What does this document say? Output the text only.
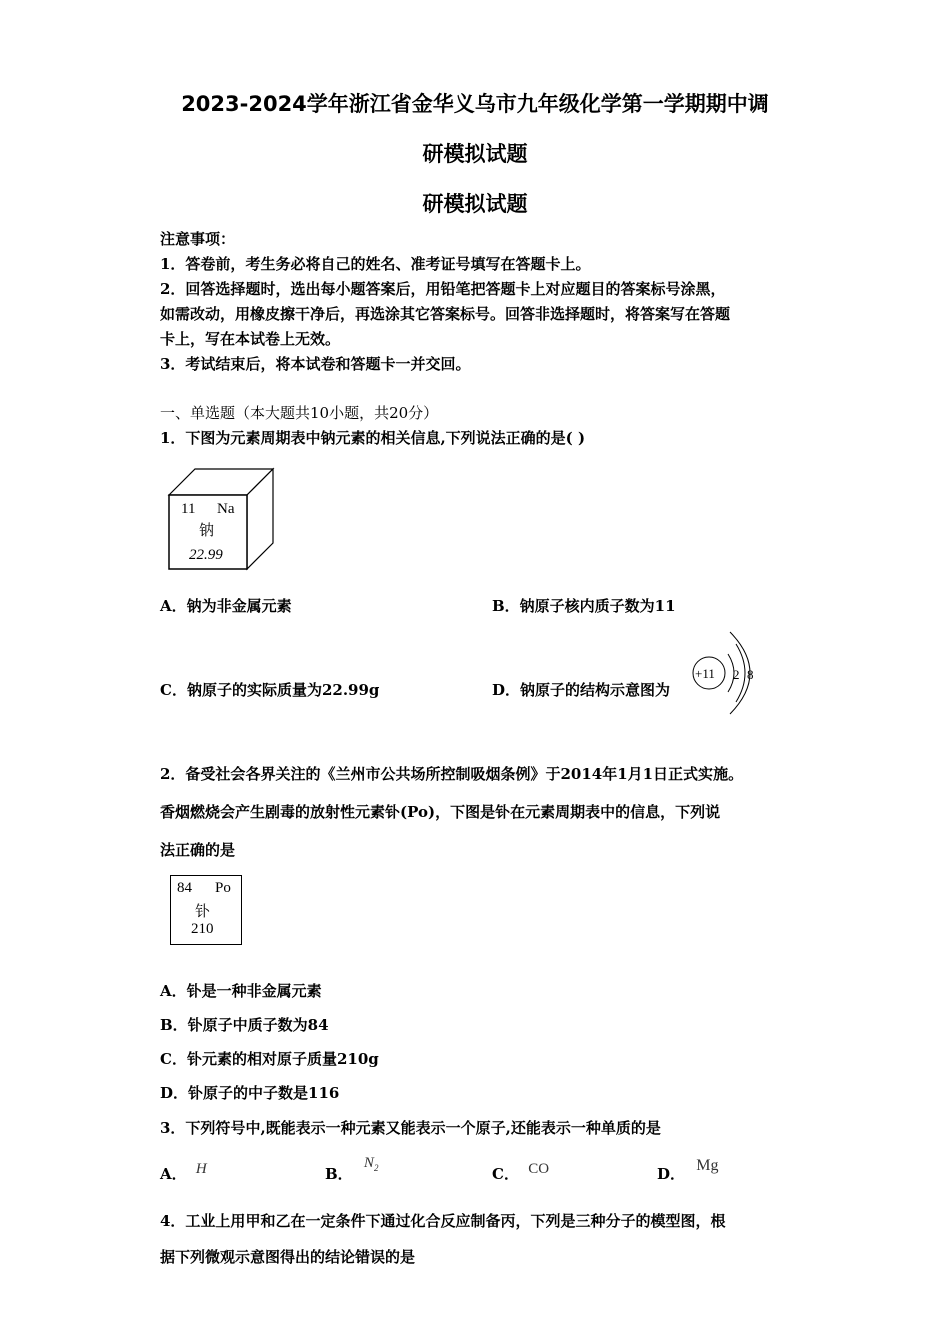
2023-2024学年浙江省金华义乌市九年级化学第一学期期中调
研模拟试题
研模拟试题
注意事项：
1．答卷前，考生务必将自己的姓名、准考证号填写在答题卡上。
2．回答选择题时，选出每小题答案后，用铅笔把答题卡上对应题目的答案标号涂黑，
如需改动，用橡皮擦干净后，再选涂其它答案标号。回答非选择题时，将答案写在答题
卡上，写在本试卷上无效。
3．考试结束后，将本试卷和答题卡一并交回。
一、单选题（本大题共10小题，共20分）
1．下图为元素周期表中钠元素的相关信息,下列说法正确的是( )
11 Na
钠
22.99
A．钠为非金属元素	B．钠原子核内质子数为11
C．钠原子的实际质量为22.99g	D．钠原子的结构示意图为
+11 2 8
2．备受社会各界关注的《兰州市公共场所控制吸烟条例》于2014年1月1日正式实施。
香烟燃烧会产生剧毒的放射性元素钋(Po)，下图是钋在元素周期表中的信息，下列说
法正确的是
84 Po
钋
210
A．钋是一种非金属元素
B．钋原子中质子数为84
C．钋元素的相对原子质量210g
D．钋原子的中子数是116
3．下列符号中,既能表示一种元素又能表示一个原子,还能表示一种单质的是
A． H	B． $N_2$	C． CO	D． Mg
4．工业上用甲和乙在一定条件下通过化合反应制备丙，下列是三种分子的模型图，根
据下列微观示意图得出的结论错误的是
